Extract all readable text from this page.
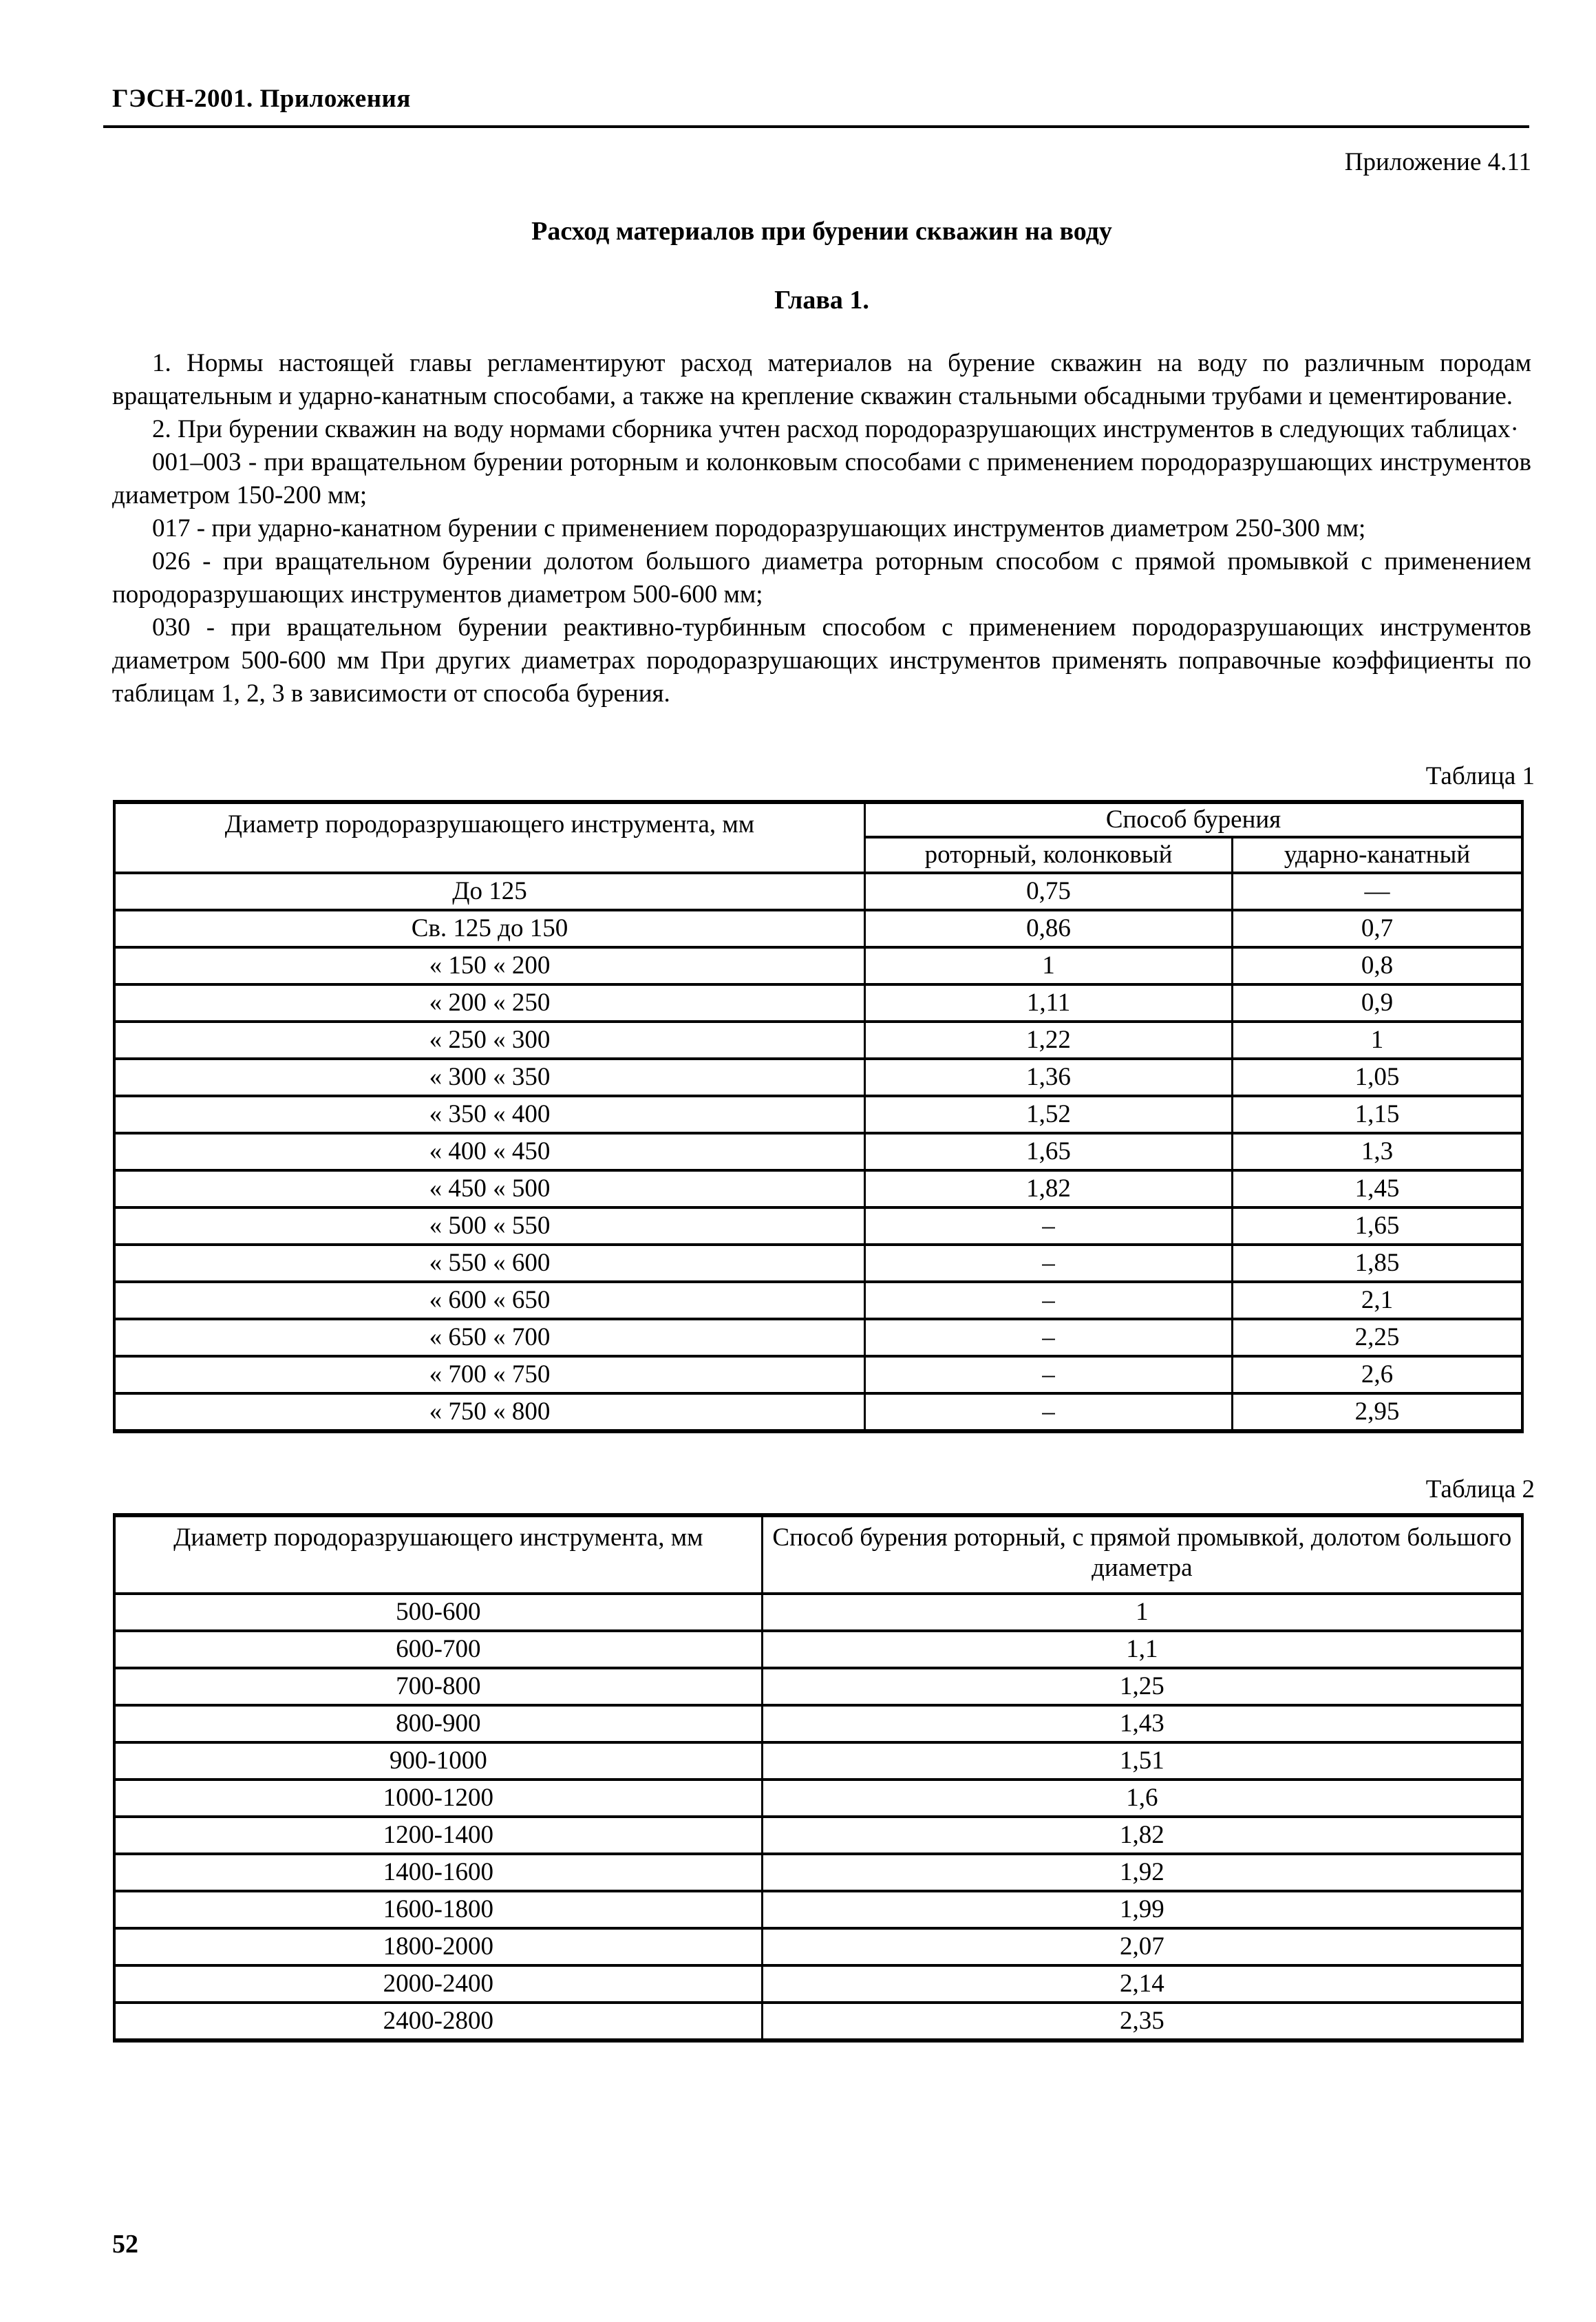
ГЭСН-2001. Приложения
Приложение 4.11
Расход материалов при бурении скважин на воду
Глава 1.

1. Нормы настоящей главы регламентируют расход материалов на бурение скважин на воду по различным породам вращательным и ударно-канатным способами, а также на крепление скважин стальными обсадными трубами и цементирование.

2. При бурении скважин на воду нормами сборника учтен расход породоразрушающих инструментов в следующих таблицах·

001–003 - при вращательном бурении роторным и колонковым способами с применением породоразрушающих инструментов диаметром 150-200 мм;

017 - при ударно-канатном бурении с применением породоразрушающих инструментов диаметром 250-300 мм;

026 - при вращательном бурении долотом большого диаметра роторным способом с прямой промывкой с применением породоразрушающих инструментов диаметром 500-600 мм;

030 - при вращательном бурении реактивно-турбинным способом с применением породоразрушающих инструментов диаметром 500-600 мм При других диаметрах породоразрушающих инструментов применять поправочные коэффициенты по таблицам 1, 2, 3 в зависимости от способа бурения.

Таблица 1
Диаметр породоразрушающего инструмента, мм	Способ бурения	
	роторный, колонковый	ударно-канатный
До 125	0,75	—
Св. 125 до 150	0,86	0,7
« 150 « 200	1	0,8
« 200 « 250	1,11	0,9
« 250 « 300	1,22	1
« 300 « 350	1,36	1,05
« 350 « 400	1,52	1,15
« 400 « 450	1,65	1,3
« 450 « 500	1,82	1,45
« 500 « 550	–	1,65
« 550 « 600	–	1,85
« 600 « 650	–	2,1
« 650 « 700	–	2,25
« 700 « 750	–	2,6
« 750 « 800	–	2,95
Таблица 2
Диаметр породоразрушающего инструмента, мм	Способ бурения роторный, с прямой промывкой, долотом большого диаметра
500-600	1
600-700	1,1
700-800	1,25
800-900	1,43
900-1000	1,51
1000-1200	1,6
1200-1400	1,82
1400-1600	1,92
1600-1800	1,99
1800-2000	2,07
2000-2400	2,14
2400-2800	2,35
52
